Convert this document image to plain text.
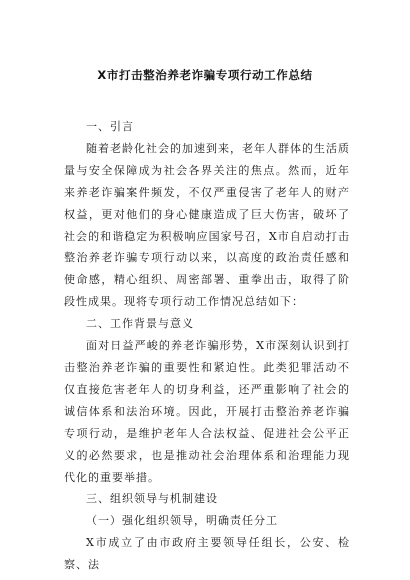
X市打击整治养老诈骗专项行动工作总结

一、引言

随着老龄化社会的加速到来，老年人群体的生活质量与安全保障成为社会各界关注的焦点。然而，近年来养老诈骗案件频发，不仅严重侵害了老年人的财产权益，更对他们的身心健康造成了巨大伤害，破坏了社会的和谐稳定为积极响应国家号召，X市自启动打击整治养老诈骗专项行动以来，以高度的政治责任感和使命感，精心组织、周密部署、重拳出击，取得了阶段性成果。现将专项行动工作情况总结如下：

二、工作背景与意义

面对日益严峻的养老诈骗形势，X市深刻认识到打击整治养老诈骗的重要性和紧迫性。此类犯罪活动不仅直接危害老年人的切身利益，还严重影响了社会的诚信体系和法治环境。因此，开展打击整治养老诈骗专项行动，是维护老年人合法权益、促进社会公平正义的必然要求，也是推动社会治理体系和治理能力现代化的重要举措。

三、组织领导与机制建设

（一）强化组织领导，明确责任分工

X市成立了由市政府主要领导任组长，公安、检察、法
